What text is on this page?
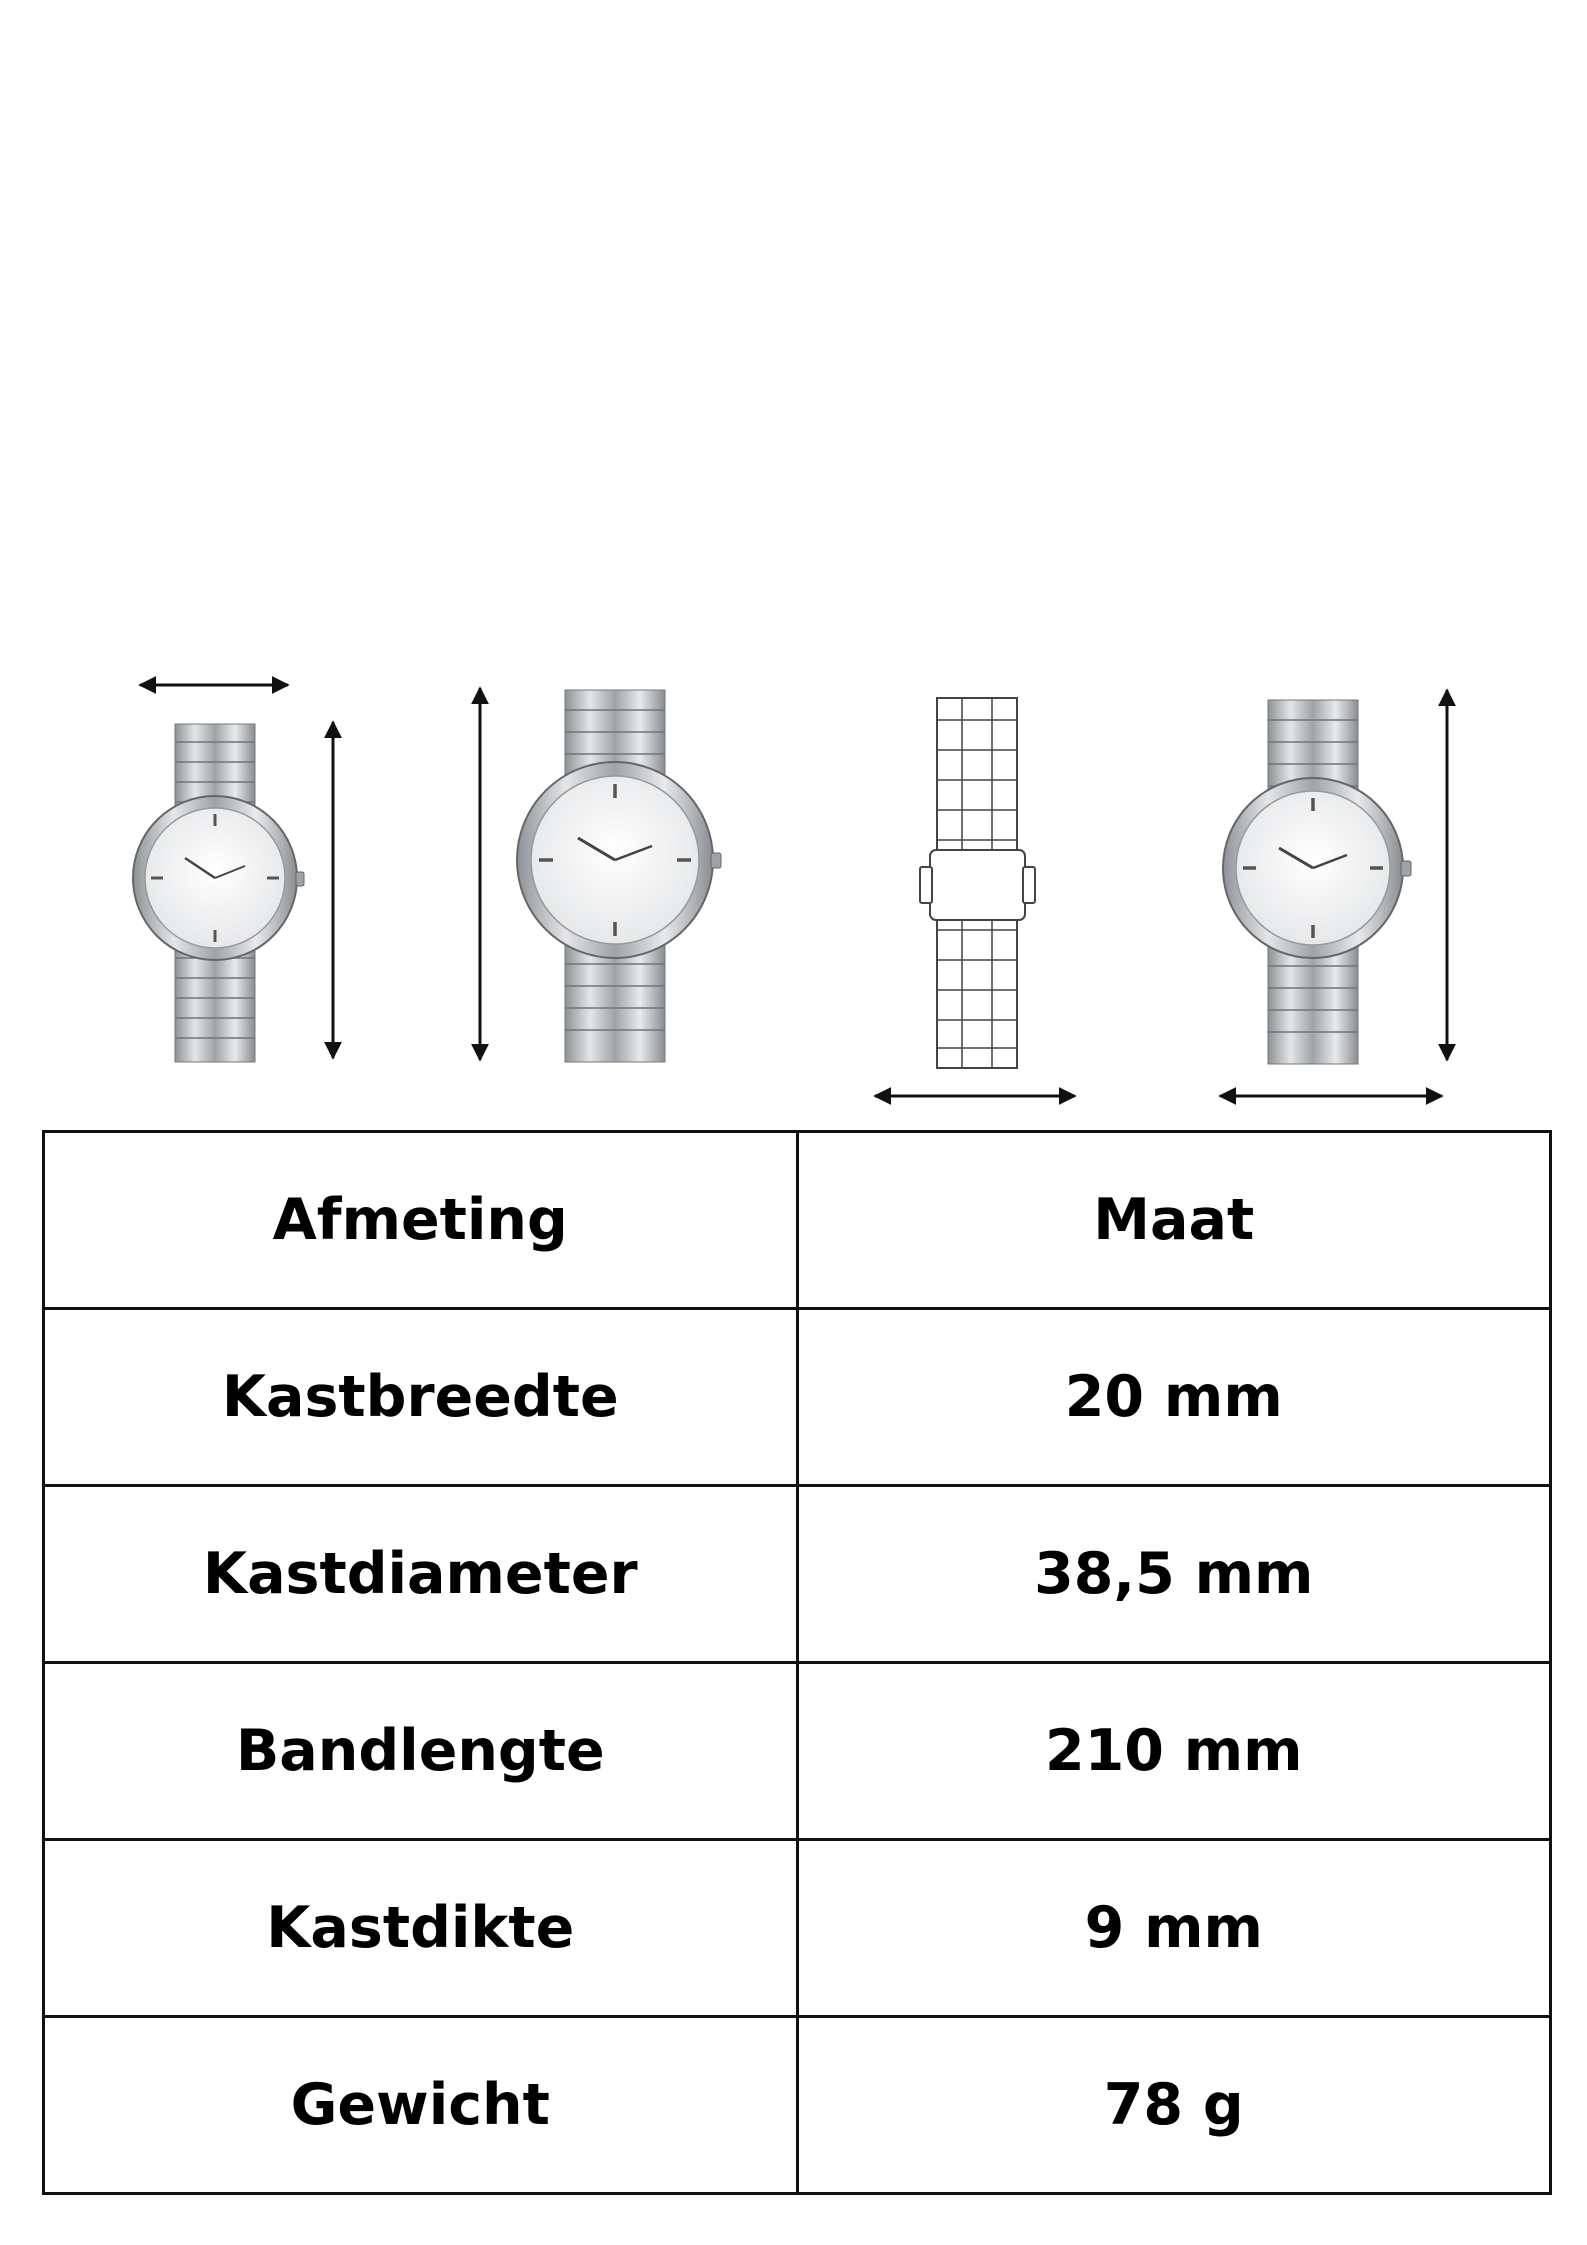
Afmeting	Maat
Kastbreedte	20 mm
Kastdiameter	38,5 mm
Bandlengte	210 mm
Kastdikte	9 mm
Gewicht	78 g
